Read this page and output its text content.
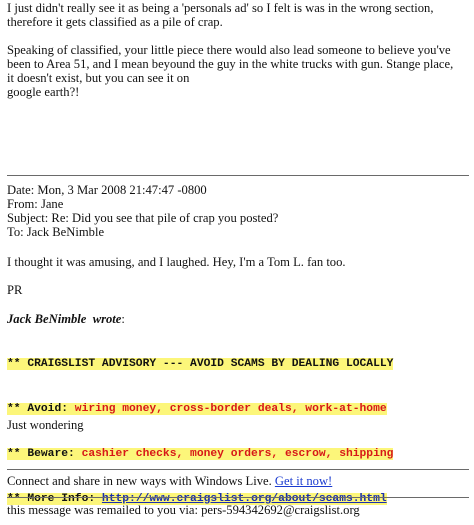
I just didn't really see it as being a 'personals ad' so I felt is was in the wrong section,
therefore it gets classified as a pile of crap.

Speaking of classified, your little piece there would also lead someone to believe you've
been to Area 51, and I mean beyound the guy in the white trucks with gun. Stange place,
it doesn't exist, but you can see it on
google earth?!

Date: Mon, 3 Mar 2008 21:47:47 -0800
From: Jane
Subject: Re: Did you see that pile of crap you posted?
To: Jack BeNimble

I thought it was amusing, and I laughed. Hey, I'm a Tom L. fan too.

PR

Jack BeNimble wrote:

** CRAIGSLIST ADVISORY --- AVOID SCAMS BY DEALING LOCALLY

** Avoid: wiring money, cross-border deals, work-at-home

** Beware: cashier checks, money orders, escrow, shipping

** More Info: http://www.craigslist.org/about/scams.html

Just wondering

Connect and share in new ways with Windows Live. Get it now!

this message was remailed to you via: pers-594342692@craigslist.org
